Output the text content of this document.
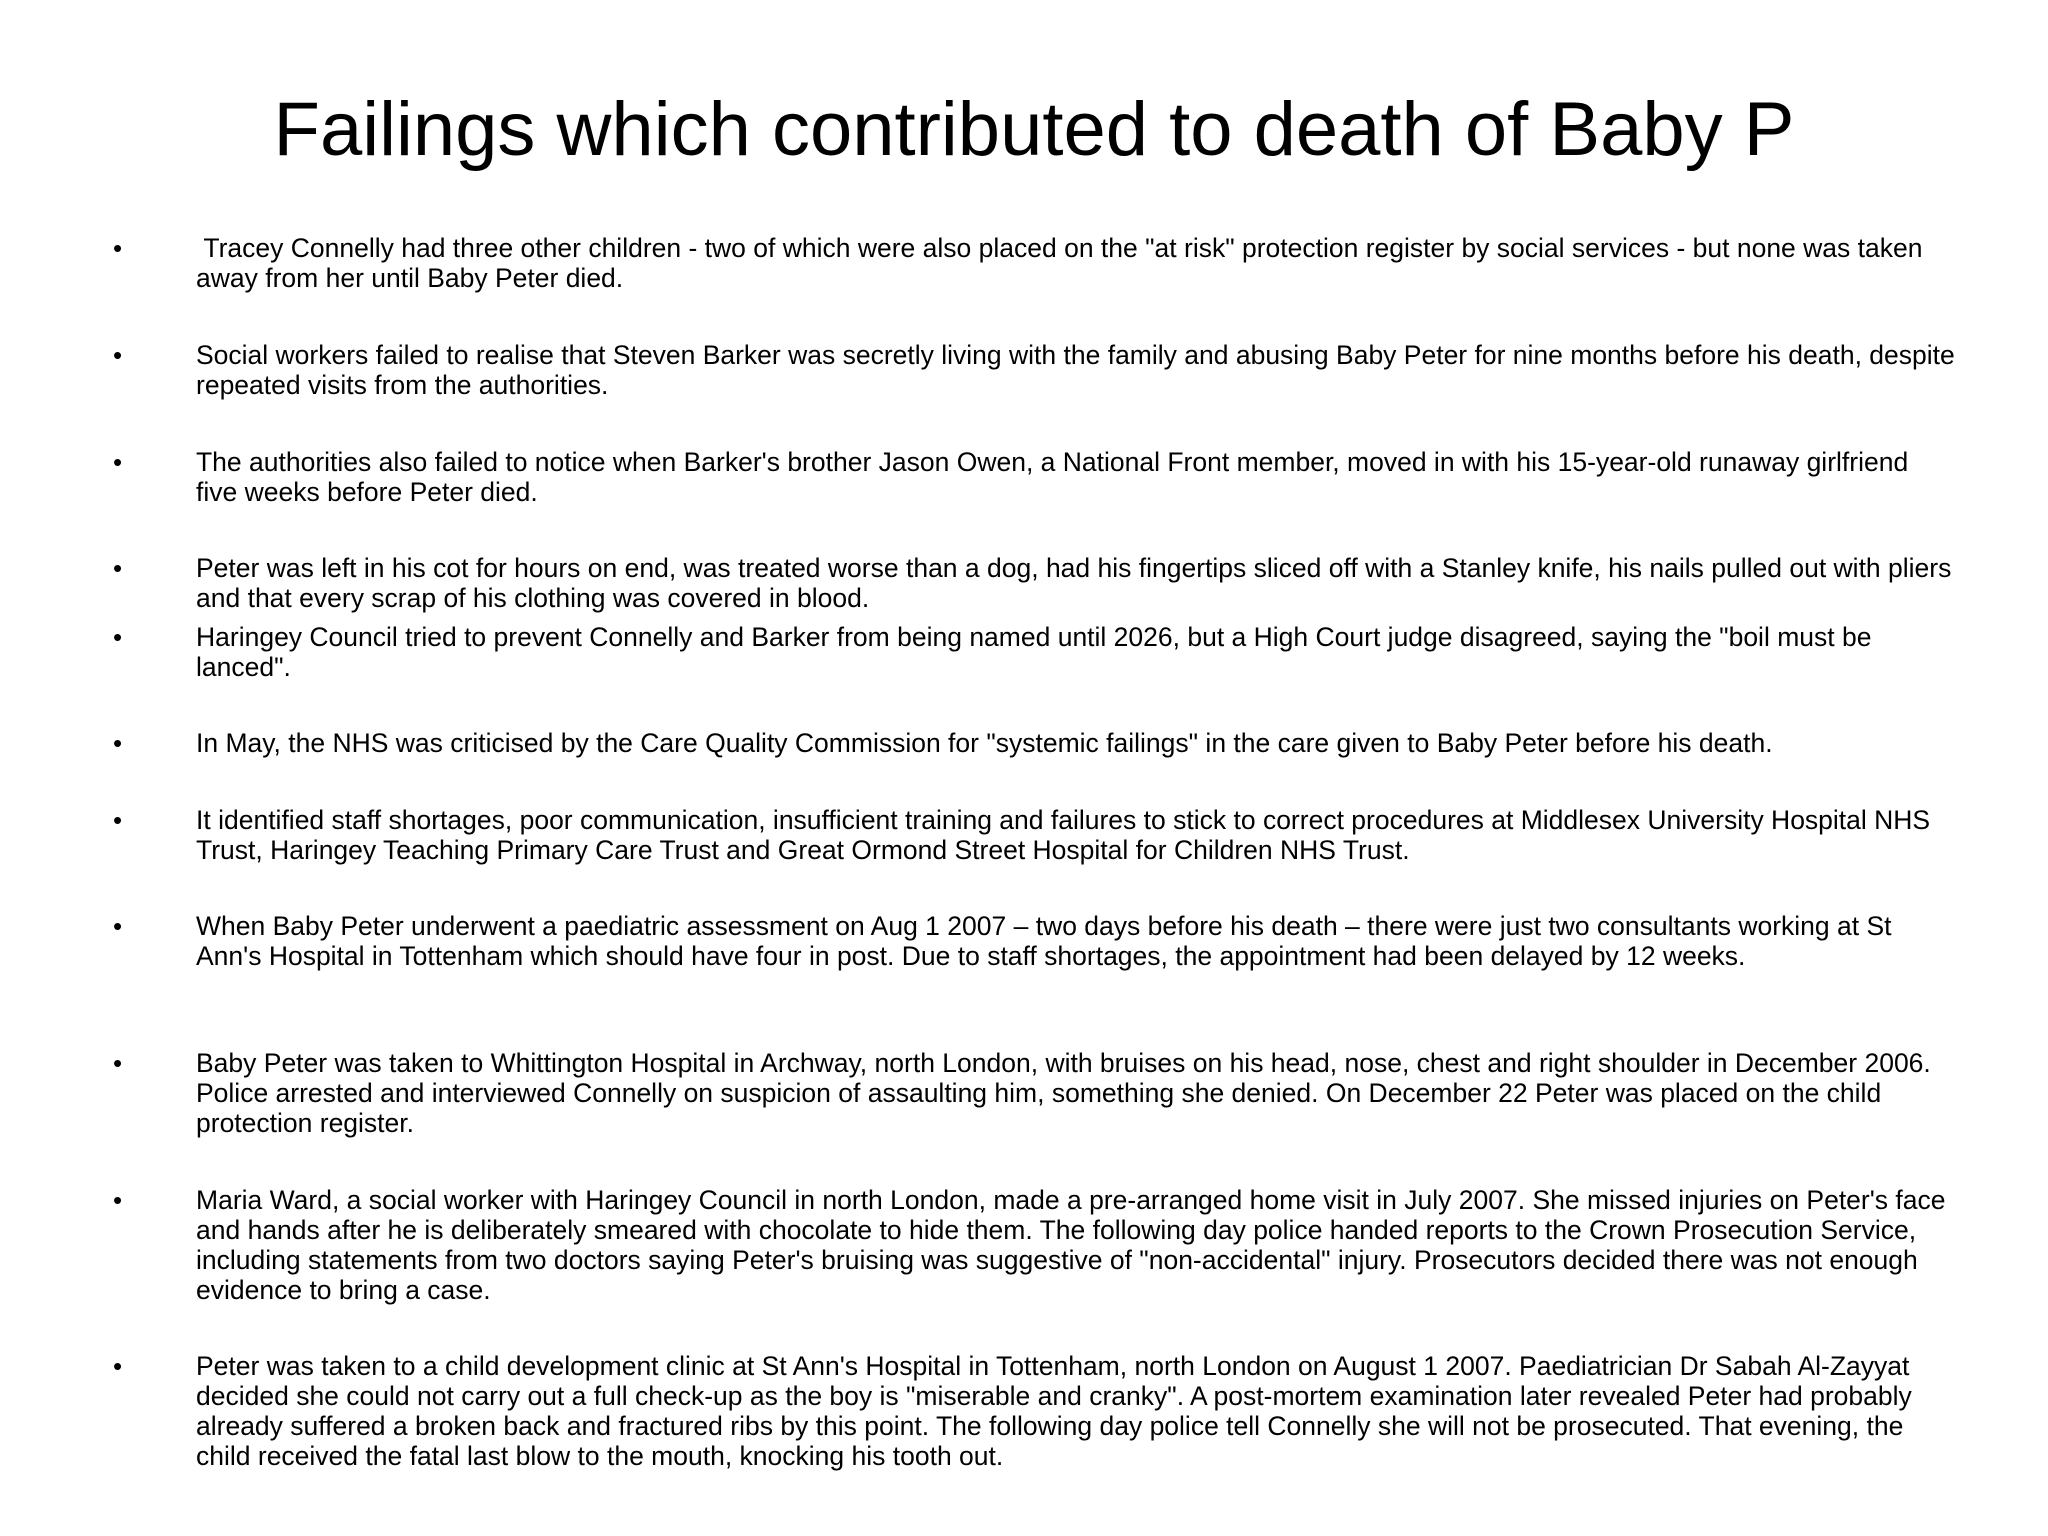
Failings which contributed to death of Baby P
•	Tracey Connelly had three other children - two of which were also placed on the "at risk" protection register by social services - but none was taken away from her until Baby Peter died.
•	Social workers failed to realise that Steven Barker was secretly living with the family and abusing Baby Peter for nine months before his death, despite repeated visits from the authorities.
•	The authorities also failed to notice when Barker's brother Jason Owen, a National Front member, moved in with his 15-year-old runaway girlfriend five weeks before Peter died.
•	Peter was left in his cot for hours on end, was treated worse than a dog, had his fingertips sliced off with a Stanley knife, his nails pulled out with pliers and that every scrap of his clothing was covered in blood.
•	Haringey Council tried to prevent Connelly and Barker from being named until 2026, but a High Court judge disagreed, saying the "boil must be lanced".
•	In May, the NHS was criticised by the Care Quality Commission for "systemic failings" in the care given to Baby Peter before his death.
•	It identified staff shortages, poor communication, insufficient training and failures to stick to correct procedures at Middlesex University Hospital NHS Trust, Haringey Teaching Primary Care Trust and Great Ormond Street Hospital for Children NHS Trust.
•	When Baby Peter underwent a paediatric assessment on Aug 1 2007 – two days before his death – there were just two consultants working at St Ann's Hospital in Tottenham which should have four in post. Due to staff shortages, the appointment had been delayed by 12 weeks.
•	Baby Peter was taken to Whittington Hospital in Archway, north London, with bruises on his head, nose, chest and right shoulder in December 2006. Police arrested and interviewed Connelly on suspicion of assaulting him, something she denied. On December 22 Peter was placed on the child protection register.
•	Maria Ward, a social worker with Haringey Council in north London, made a pre-arranged home visit in July 2007. She missed injuries on Peter's face and hands after he is deliberately smeared with chocolate to hide them. The following day police handed reports to the Crown Prosecution Service, including statements from two doctors saying Peter's bruising was suggestive of "non-accidental" injury. Prosecutors decided there was not enough evidence to bring a case.
•	Peter was taken to a child development clinic at St Ann's Hospital in Tottenham, north London on August 1 2007. Paediatrician Dr Sabah Al-Zayyat decided she could not carry out a full check-up as the boy is "miserable and cranky". A post-mortem examination later revealed Peter had probably already suffered a broken back and fractured ribs by this point. The following day police tell Connelly she will not be prosecuted. That evening, the child received the fatal last blow to the mouth, knocking his tooth out.
